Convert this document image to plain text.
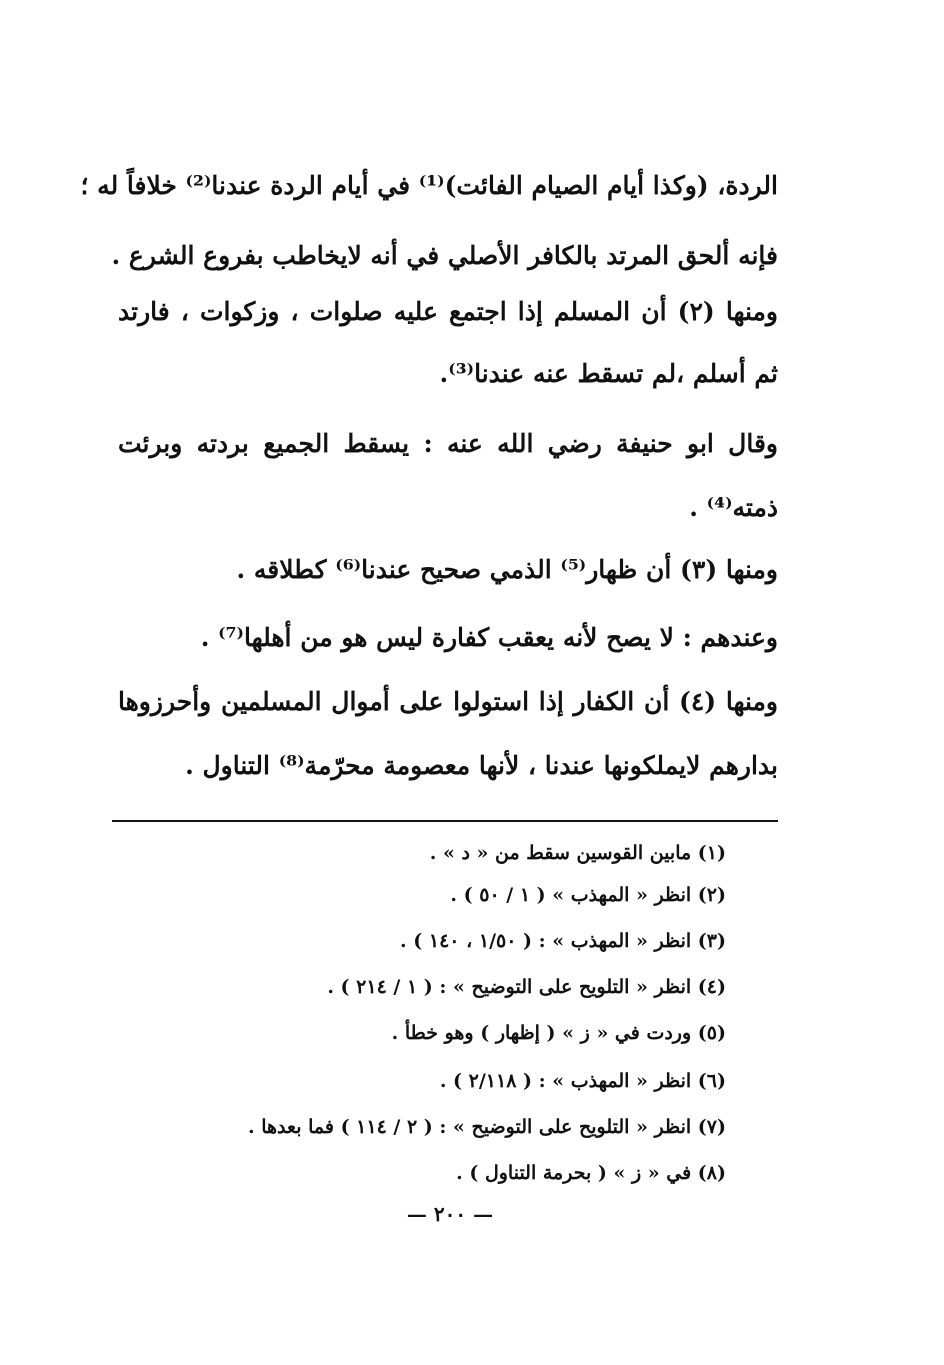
الردة، (وكذا أيام الصيام الفائت)⁽¹⁾ في أيام الردة عندنا⁽²⁾ خلافاً له ؛
فإنه ألحق المرتد بالكافر الأصلي في أنه لايخاطب بفروع الشرع .
ومنها (٢) أن المسلم إذا اجتمع عليه صلوات ، وزكوات ، فارتد
ثم أسلم ،لم تسقط عنه عندنا⁽³⁾.
وقال ابو حنيفة رضي الله عنه : يسقط الجميع بردته وبرئت
ذمته⁽⁴⁾ .
ومنها (٣) أن ظهار⁽⁵⁾ الذمي صحيح عندنا⁽⁶⁾ كطلاقه .
وعندهم : لا يصح لأنه يعقب كفارة ليس هو من أهلها⁽⁷⁾ .
ومنها (٤) أن الكفار إذا استولوا على أموال المسلمين وأحرزوها
بدارهم لايملكونها عندنا ، لأنها معصومة محرّمة⁽⁸⁾ التناول .
(١) مابين القوسين سقط من « د » .
(٢) انظر « المهذب » ( ١ / ٥٠ ) .
(٣) انظر « المهذب » : ( ١/٥٠ ، ١٤٠ ) .
(٤) انظر « التلويح على التوضيح » : ( ١ / ٢١٤ ) .
(٥) وردت في « ز » ( إظهار ) وهو خطأ .
(٦) انظر « المهذب » : ( ٢/١١٨ ) .
(٧) انظر « التلويح على التوضيح » : ( ٢ / ١١٤ ) فما بعدها .
(٨) في « ز » ( بحرمة التناول ) .
— ٢٠٠ —
